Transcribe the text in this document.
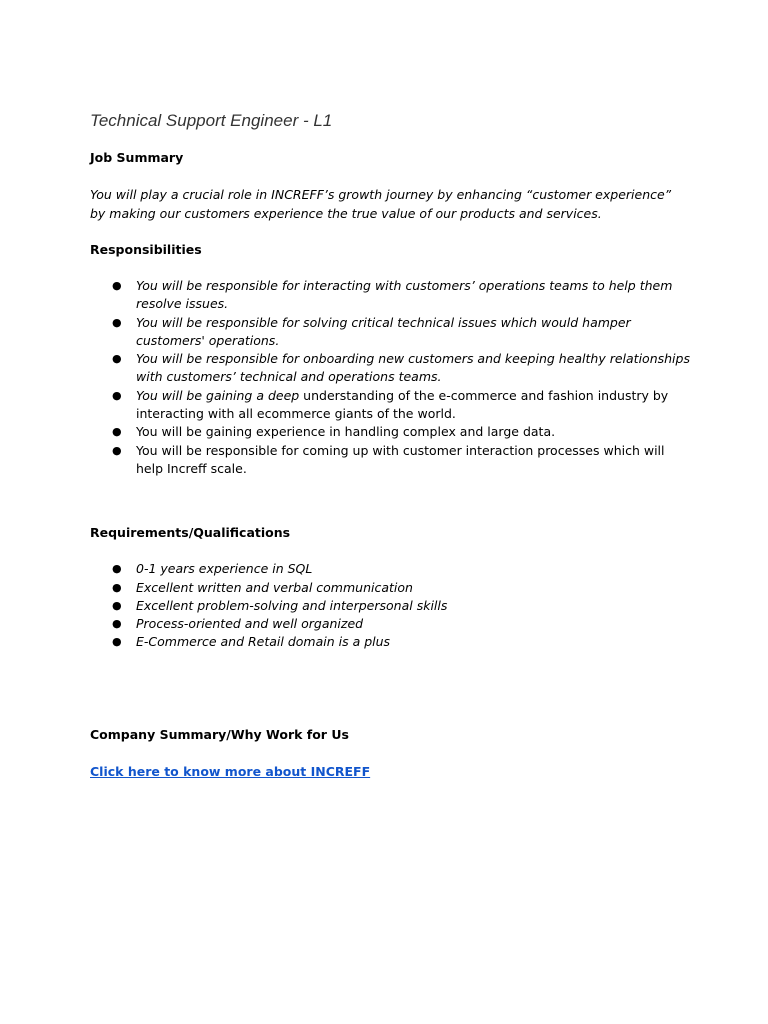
Technical Support Engineer - L1

Job Summary

You will play a crucial role in INCREFF’s growth journey by enhancing “customer experience” by making our customers experience the true value of our products and services.

Responsibilities

● You will be responsible for interacting with customers’ operations teams to help them resolve issues.
● You will be responsible for solving critical technical issues which would hamper customers' operations.
● You will be responsible for onboarding new customers and keeping healthy relationships with customers’ technical and operations teams.
● You will be gaining a deep understanding of the e-commerce and fashion industry by interacting with all ecommerce giants of the world.
● You will be gaining experience in handling complex and large data.
● You will be responsible for coming up with customer interaction processes which will help Increff scale.

Requirements/Qualifications

● 0-1 years experience in SQL
● Excellent written and verbal communication
● Excellent problem-solving and interpersonal skills
● Process-oriented and well organized
● E-Commerce and Retail domain is a plus

Company Summary/Why Work for Us

Click here to know more about INCREFF
